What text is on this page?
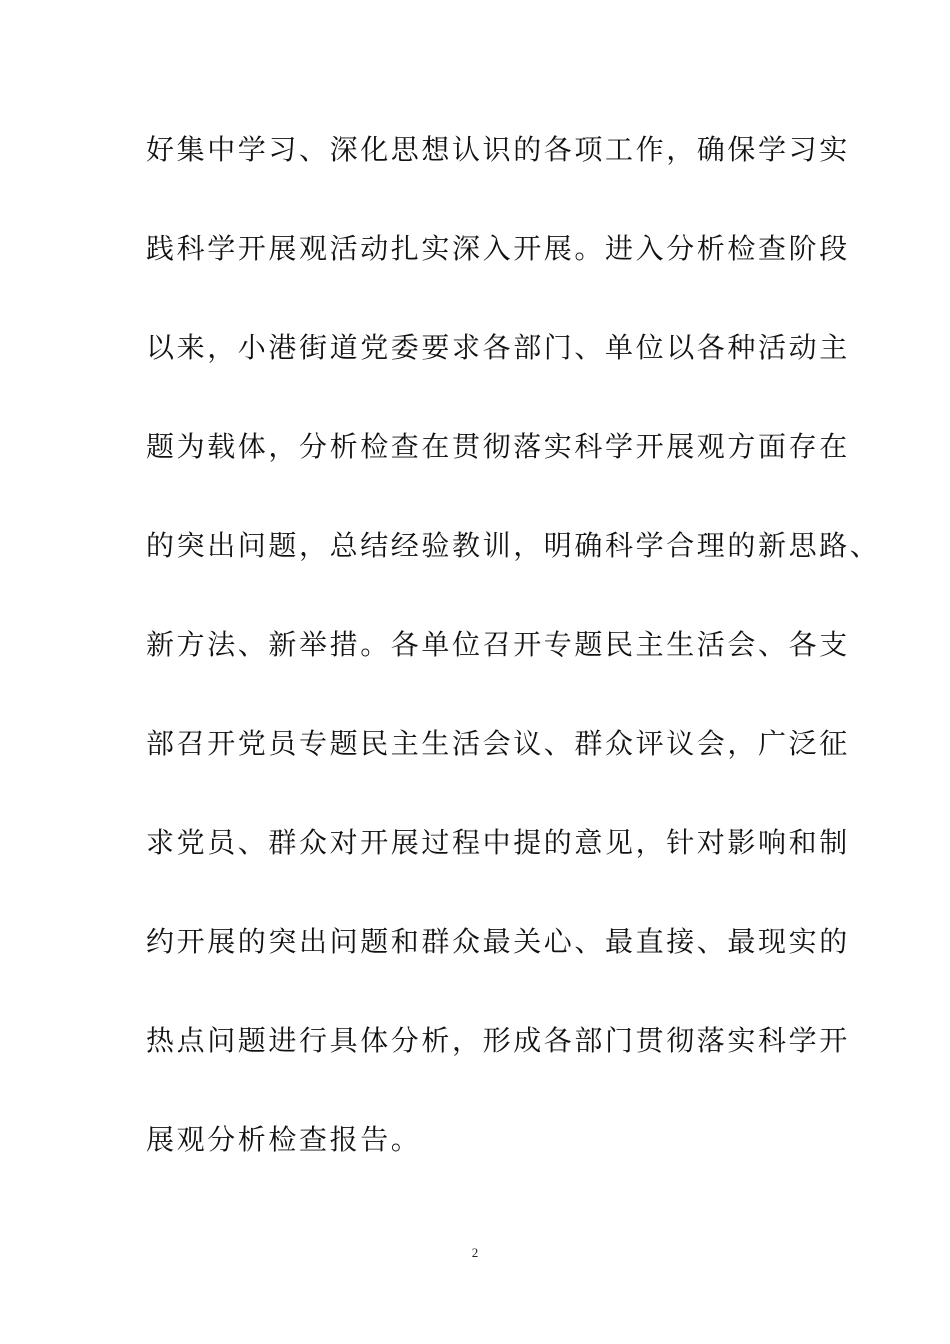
好集中学习、深化思想认识的各项工作，确保学习实
践科学开展观活动扎实深入开展。进入分析检查阶段
以来，小港街道党委要求各部门、单位以各种活动主
题为载体，分析检查在贯彻落实科学开展观方面存在
的突出问题，总结经验教训，明确科学合理的新思路、
新方法、新举措。各单位召开专题民主生活会、各支
部召开党员专题民主生活会议、群众评议会，广泛征
求党员、群众对开展过程中提的意见，针对影响和制
约开展的突出问题和群众最关心、最直接、最现实的
热点问题进行具体分析，形成各部门贯彻落实科学开
展观分析检查报告。
2
